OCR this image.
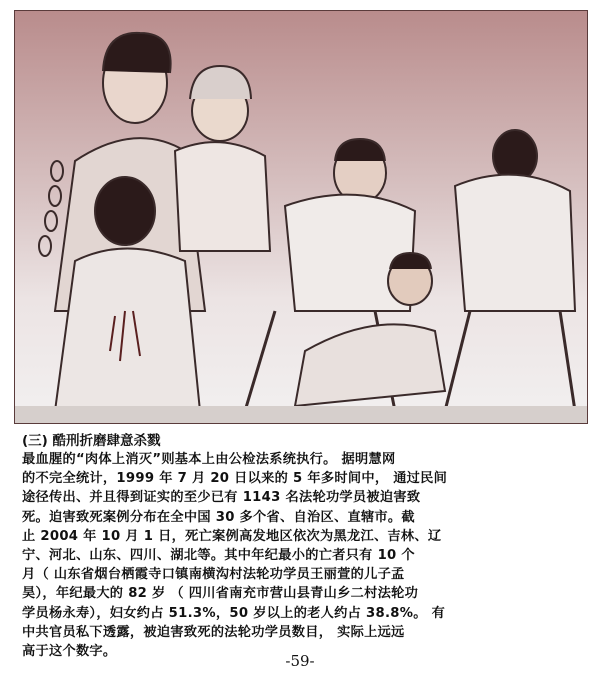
(三) 酷刑折磨肆意杀戮

最血腥的“肉体上消灭”则基本上由公检法系统执行。 据明慧网

的不完全统计，1999 年 7 月 20 日以来的 5 年多时间中， 通过民间

途径传出、并且得到证实的至少已有 1143 名法轮功学员被迫害致

死。迫害致死案例分布在全中国 30 多个省、自治区、直辖市。截

止 2004 年 10 月 1 日，死亡案例高发地区依次为黑龙江、吉林、辽

宁、河北、山东、四川、湖北等。其中年纪最小的亡者只有 10 个

月（ 山东省烟台栖霞寺口镇南横沟村法轮功学员王丽萱的儿子孟

昊），年纪最大的 82 岁 （ 四川省南充市营山县青山乡二村法轮功

学员杨永寿），妇女约占 51.3%，50 岁以上的老人约占 38.8%。 有

中共官员私下透露，被迫害致死的法轮功学员数目， 实际上远远

高于这个数字。

-59-
